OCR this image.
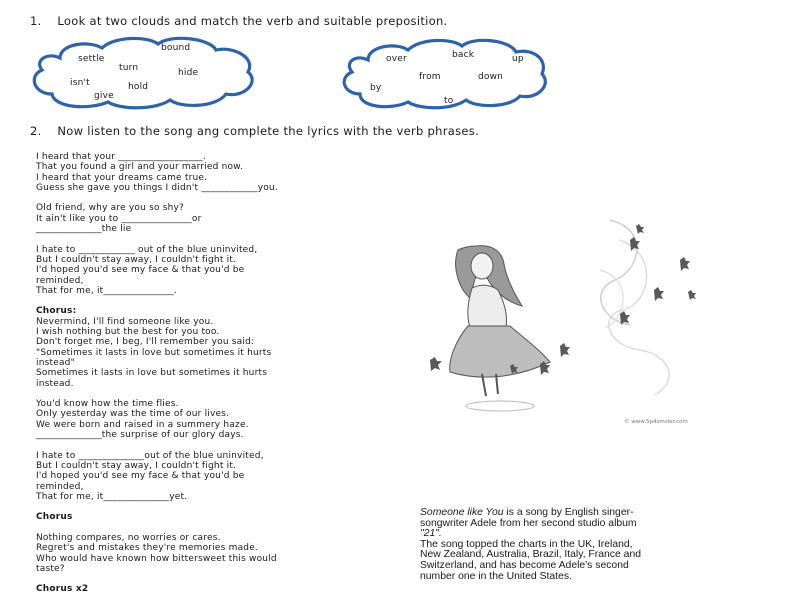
1. Look at two clouds and match the verb and suitable preposition.
bound
settle
turn	hide
isn't	hold
give
back
over	up
from	down
by
to
2. Now listen to the song ang complete the lyrics with the verb phrases.
I heard that your __________________.
That you found a girl and your married now.
I heard that your dreams came true.
Guess she gave you things I didn't ____________you.
Old friend, why are you so shy?
It ain't like you to _______________or
______________the lie
I hate to ____________ out of the blue uninvited,
But I couldn't stay away, I couldn't fight it.
I'd hoped you'd see my face & that you'd be
reminded,
That for me, it_______________.
Chorus:
Nevermind, I'll find someone like you.
I wish nothing but the best for you too.
Don't forget me, I beg, I'll remember you said:
"Sometimes it lasts in love but sometimes it hurts
instead"
Sometimes it lasts in love but sometimes it hurts
instead.
You'd know how the time flies.
Only yesterday was the time of our lives.
We were born and raised in a summery haze.
______________the surprise of our glory days.
I hate to ______________out of the blue uninvited,
But I couldn't stay away, I couldn't fight it.
I'd hoped you'd see my face & that you'd be
reminded,
That for me, it______________yet.
Chorus
Nothing compares, no worries or cares.
Regret's and mistakes they're memories made.
Who would have known how bittersweet this would
taste?
Chorus x2
© www.5p4smsler.com
Someone like You is a song by English singer-
songwriter Adele from her second studio album
"21".
The song topped the charts in the UK, Ireland,
New Zealand, Australia, Brazil, Italy, France and
Switzerland, and has become Adele's second
number one in the United States.
